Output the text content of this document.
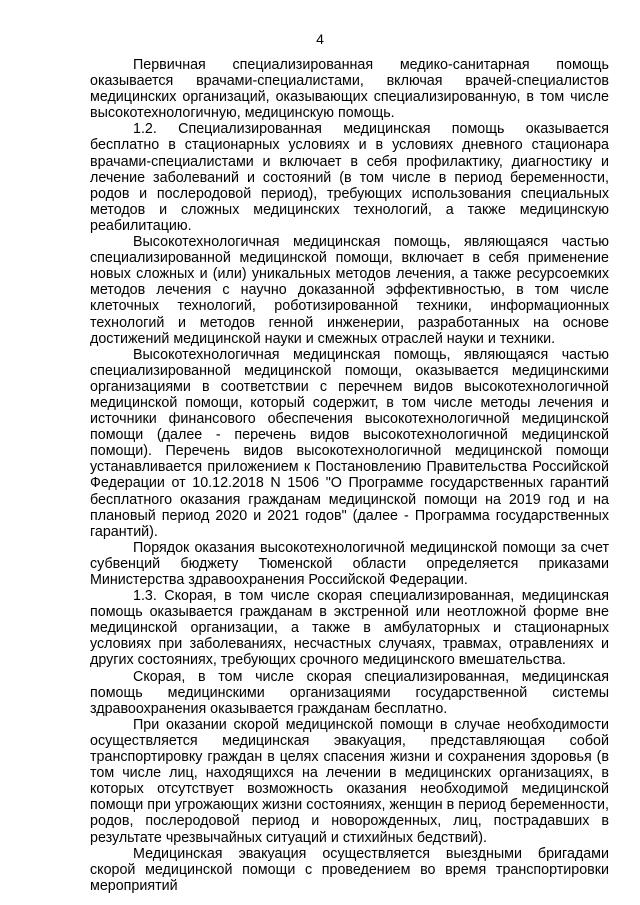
4

Первичная специализированная медико-санитарная помощь оказывается врачами-специалистами, включая врачей-специалистов медицинских организаций, оказывающих специализированную, в том числе высокотехнологичную, медицинскую помощь.

1.2. Специализированная медицинская помощь оказывается бесплатно в стационарных условиях и в условиях дневного стационара врачами-специалистами и включает в себя профилактику, диагностику и лечение заболеваний и состояний (в том числе в период беременности, родов и послеродовой период), требующих использования специальных методов и сложных медицинских технологий, а также медицинскую реабилитацию.

Высокотехнологичная медицинская помощь, являющаяся частью специализированной медицинской помощи, включает в себя применение новых сложных и (или) уникальных методов лечения, а также ресурсоемких методов лечения с научно доказанной эффективностью, в том числе клеточных технологий, роботизированной техники, информационных технологий и методов генной инженерии, разработанных на основе достижений медицинской науки и смежных отраслей науки и техники.

Высокотехнологичная медицинская помощь, являющаяся частью специализированной медицинской помощи, оказывается медицинскими организациями в соответствии с перечнем видов высокотехнологичной медицинской помощи, который содержит, в том числе методы лечения и источники финансового обеспечения высокотехнологичной медицинской помощи (далее - перечень видов высокотехнологичной медицинской помощи). Перечень видов высокотехнологичной медицинской помощи устанавливается приложением к Постановлению Правительства Российской Федерации от 10.12.2018 N 1506 "О Программе государственных гарантий бесплатного оказания гражданам медицинской помощи на 2019 год и на плановый период 2020 и 2021 годов" (далее - Программа государственных гарантий).

Порядок оказания высокотехнологичной медицинской помощи за счет субвенций бюджету Тюменской области определяется приказами Министерства здравоохранения Российской Федерации.

1.3. Скорая, в том числе скорая специализированная, медицинская помощь оказывается гражданам в экстренной или неотложной форме вне медицинской организации, а также в амбулаторных и стационарных условиях при заболеваниях, несчастных случаях, травмах, отравлениях и других состояниях, требующих срочного медицинского вмешательства.

Скорая, в том числе скорая специализированная, медицинская помощь медицинскими организациями государственной системы здравоохранения оказывается гражданам бесплатно.

При оказании скорой медицинской помощи в случае необходимости осуществляется медицинская эвакуация, представляющая собой транспортировку граждан в целях спасения жизни и сохранения здоровья (в том числе лиц, находящихся на лечении в медицинских организациях, в которых отсутствует возможность оказания необходимой медицинской помощи при угрожающих жизни состояниях, женщин в период беременности, родов, послеродовой период и новорожденных, лиц, пострадавших в результате чрезвычайных ситуаций и стихийных бедствий).

Медицинская эвакуация осуществляется выездными бригадами скорой медицинской помощи с проведением во время транспортировки мероприятий
